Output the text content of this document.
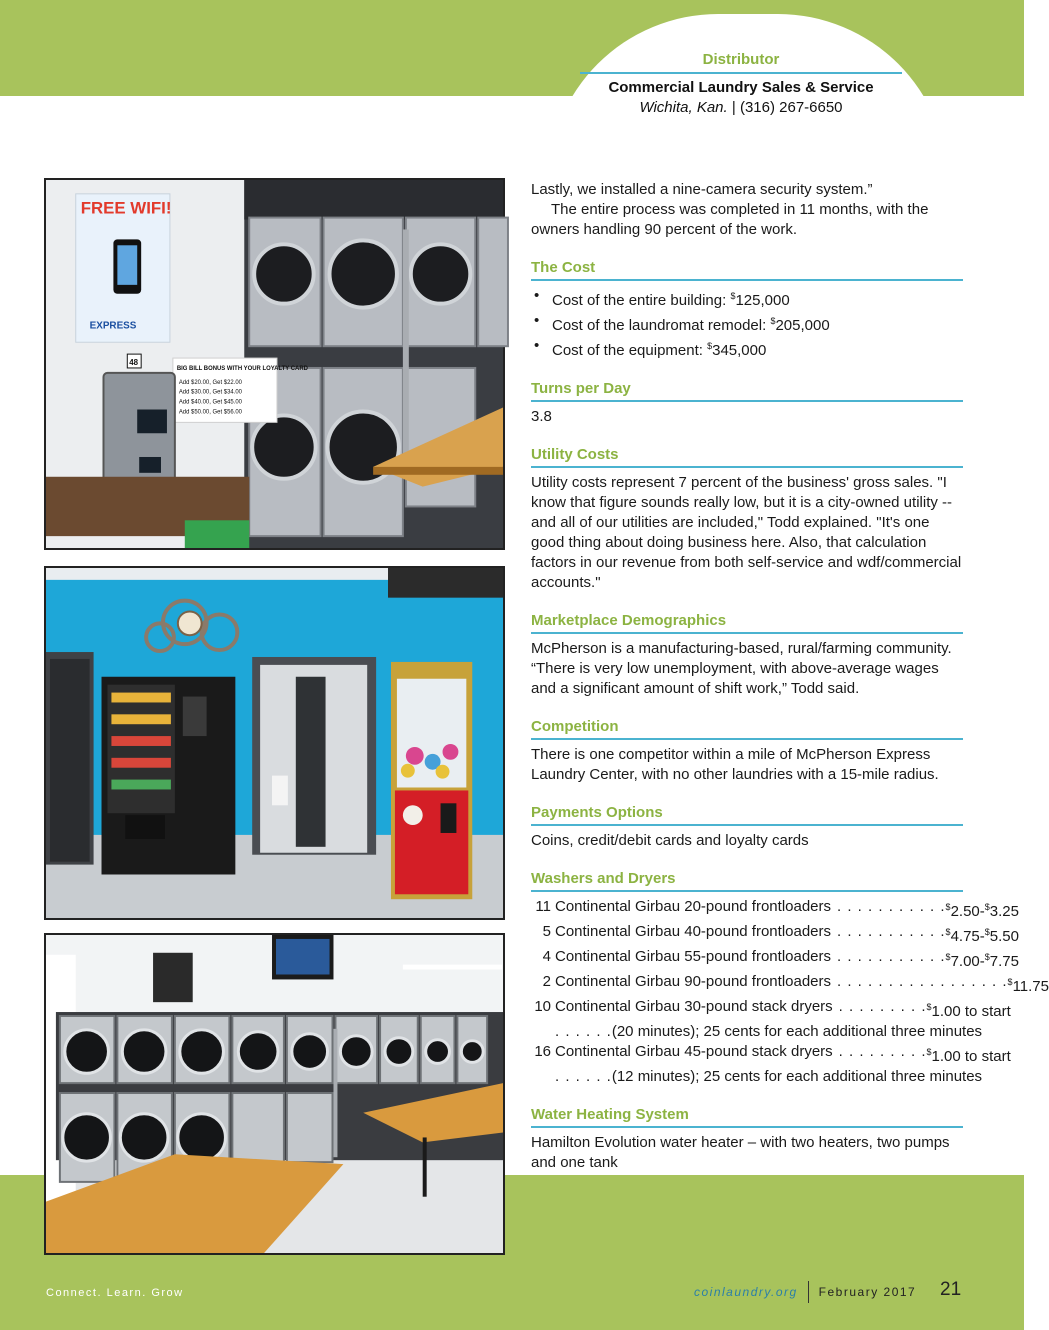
Distributor
Commercial Laundry Sales & Service
Wichita, Kan. | (316) 267-6650
FREE WIFI!
EXPRESS
BIG BILL BONUS WITH YOUR LOYALTY CARD
Add $20.00, Get $22.00
Add $30.00, Get $34.00
Add $40.00, Get $45.00
Add $50.00, Get $56.00
48

Lastly, we installed a nine-camera security system.”

The entire process was completed in 11 months, with the owners handling 90 percent of the work.

The Cost
• Cost of the entire building: $125,000
• Cost of the laundromat remodel: $205,000
• Cost of the equipment: $345,000
Turns per Day

3.8

Utility Costs

Utility costs represent 7 percent of the business' gross sales. "I know that figure sounds really low, but it is a city-owned utility -- and all of our utilities are included," Todd explained. "It's one good thing about doing business here. Also, that calculation factors in our revenue from both self-service and wdf/commercial accounts."

Marketplace Demographics

McPherson is a manufacturing-based, rural/farming community. “There is very low unemployment, with above-average wages and a significant amount of shift work,” Todd said.

Competition

There is one competitor within a mile of McPherson Express Laundry Center, with no other laundries with a 15-mile radius.

Payments Options

Coins, credit/debit cards and loyalty cards

Washers and Dryers
11 Continental Girbau 20-pound frontloaders . . . . . . . . . . . $2.50-$3.25
5 Continental Girbau 40-pound frontloaders . . . . . . . . . . . $4.75-$5.50
4 Continental Girbau 55-pound frontloaders . . . . . . . . . . . $7.00-$7.75
2 Continental Girbau 90-pound frontloaders . . . . . . . . . . . . . . . . . $11.75
10 Continental Girbau 30-pound stack dryers . . . . . . . . . $1.00 to start
. . . . . . (20 minutes); 25 cents for each additional three minutes
16 Continental Girbau 45-pound stack dryers . . . . . . . . . $1.00 to start
. . . . . . (12 minutes); 25 cents for each additional three minutes
Water Heating System

Hamilton Evolution water heater – with two heaters, two pumps and one tank

Connect. Learn. Grow	coinlaundry.org February 2017 21
